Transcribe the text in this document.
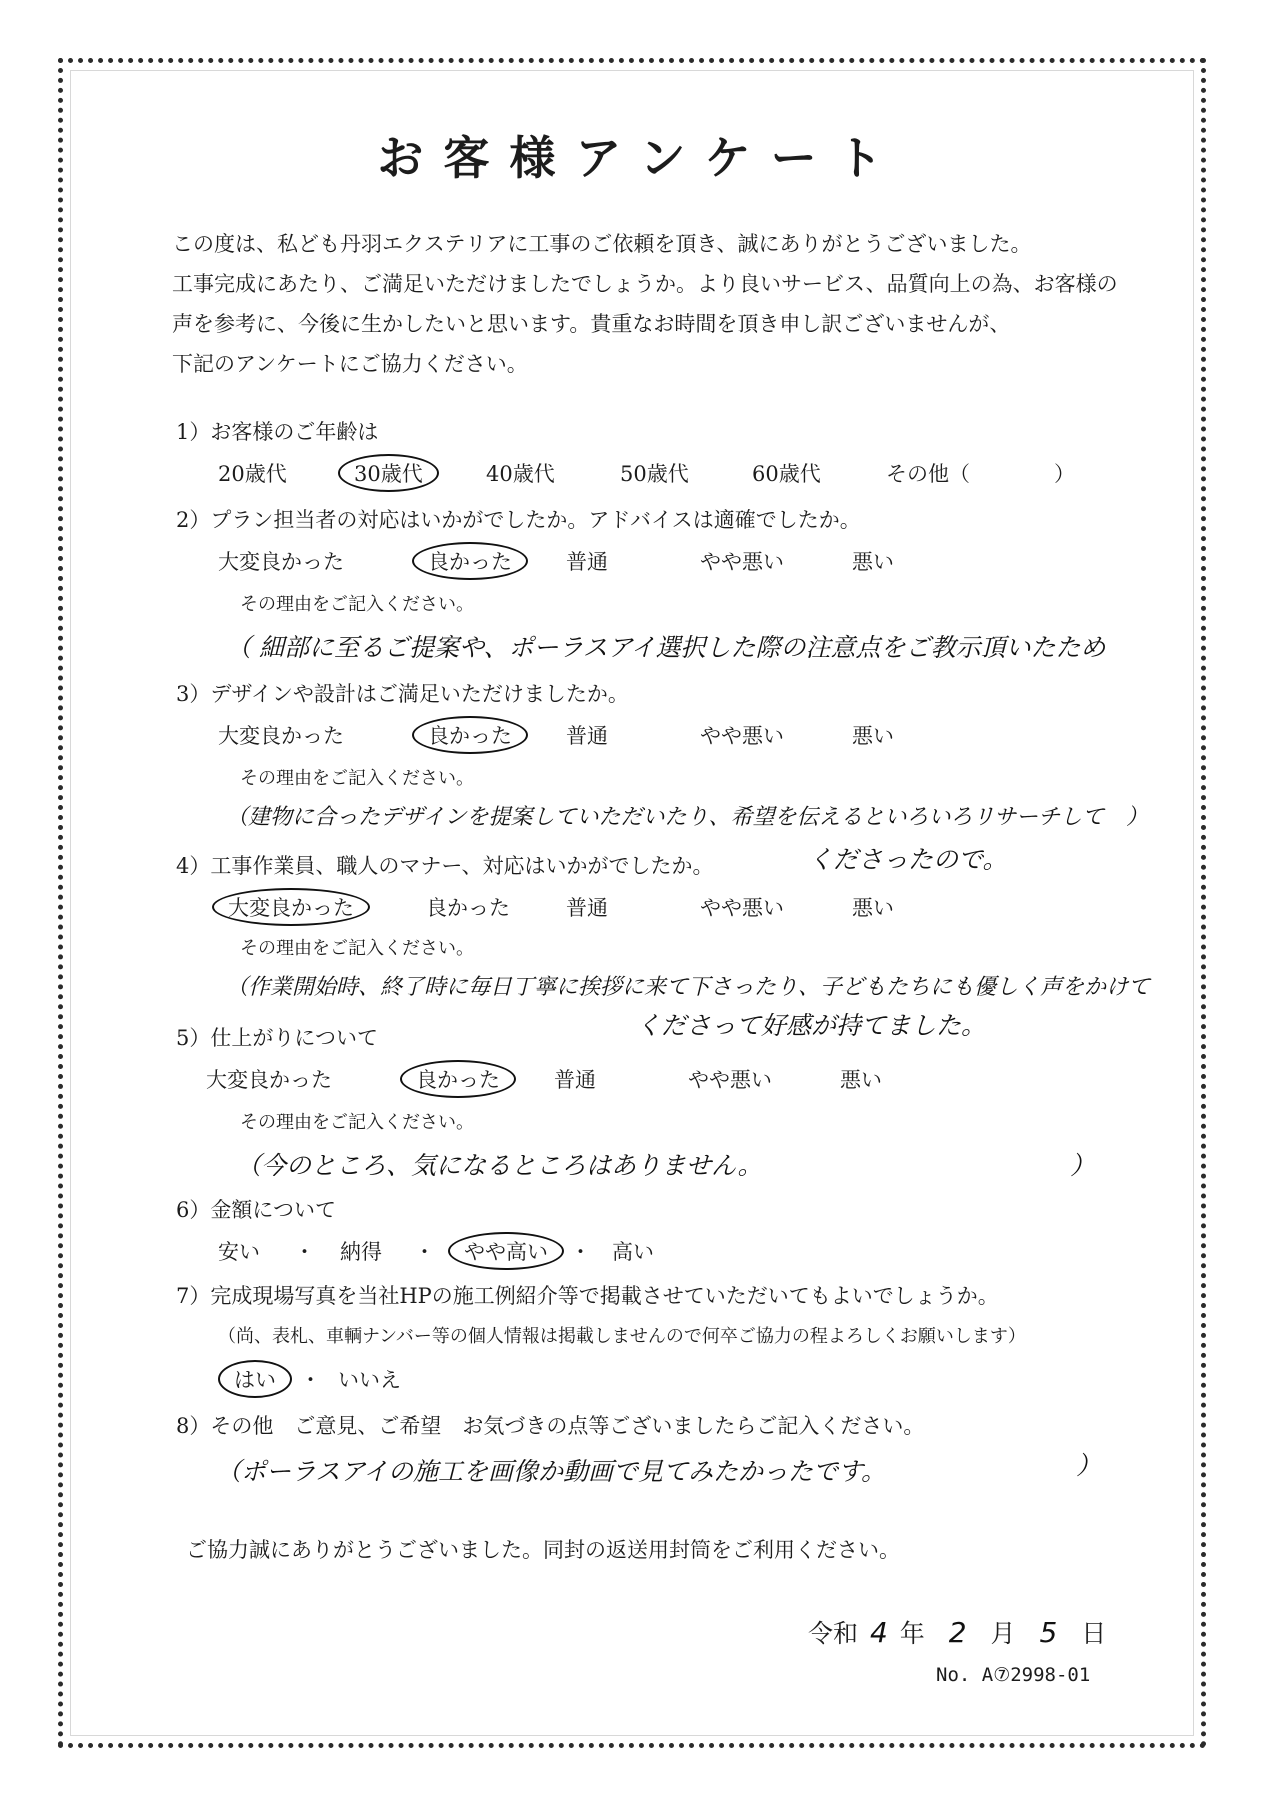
お客様アンケート
この度は、私ども丹羽エクステリアに工事のご依頼を頂き、誠にありがとうございました。
工事完成にあたり、ご満足いただけましたでしょうか。より良いサービス、品質向上の為、お客様の
声を参考に、今後に生かしたいと思います。貴重なお時間を頂き申し訳ございませんが、
下記のアンケートにご協力ください。
1）お客様のご年齢は
20歳代	30歳代	40歳代	50歳代	60歳代	その他（　　　　）
2）プラン担当者の対応はいかがでしたか。アドバイスは適確でしたか。
大変良かった	良かった	普通	やや悪い	悪い
その理由をご記入ください。
（ 細部に至るご提案や、ポーラスアイ選択した際の注意点をご教示頂いたため
3）デザインや設計はご満足いただけましたか。
大変良かった	良かった	普通	やや悪い	悪い
その理由をご記入ください。
（建物に合ったデザインを提案していただいたり、希望を伝えるといろいろリサーチして　）
くださったので。
4）工事作業員、職人のマナー、対応はいかがでしたか。
大変良かった	良かった	普通	やや悪い	悪い
その理由をご記入ください。
（作業開始時、終了時に毎日丁寧に挨拶に来て下さったり、子どもたちにも優しく声をかけて
くださって好感が持てました。
5）仕上がりについて
大変良かった	良かった	普通	やや悪い	悪い
その理由をご記入ください。
（今のところ、気になるところはありません。	）
6）金額について
安い ・ 納得 ・	やや高い	・ 高い
7）完成現場写真を当社HPの施工例紹介等で掲載させていただいてもよいでしょうか。
（尚、表札、車輌ナンバー等の個人情報は掲載しませんので何卒ご協力の程よろしくお願いします）
はい	・ いいえ
8）その他　ご意見、ご希望　お気づきの点等ございましたらご記入ください。
（ポーラスアイの施工を画像か動画で見てみたかったです。	）
ご協力誠にありがとうございました。同封の返送用封筒をご利用ください。
令和 4 年 2 月 5 日
No. A⑦2998-01
